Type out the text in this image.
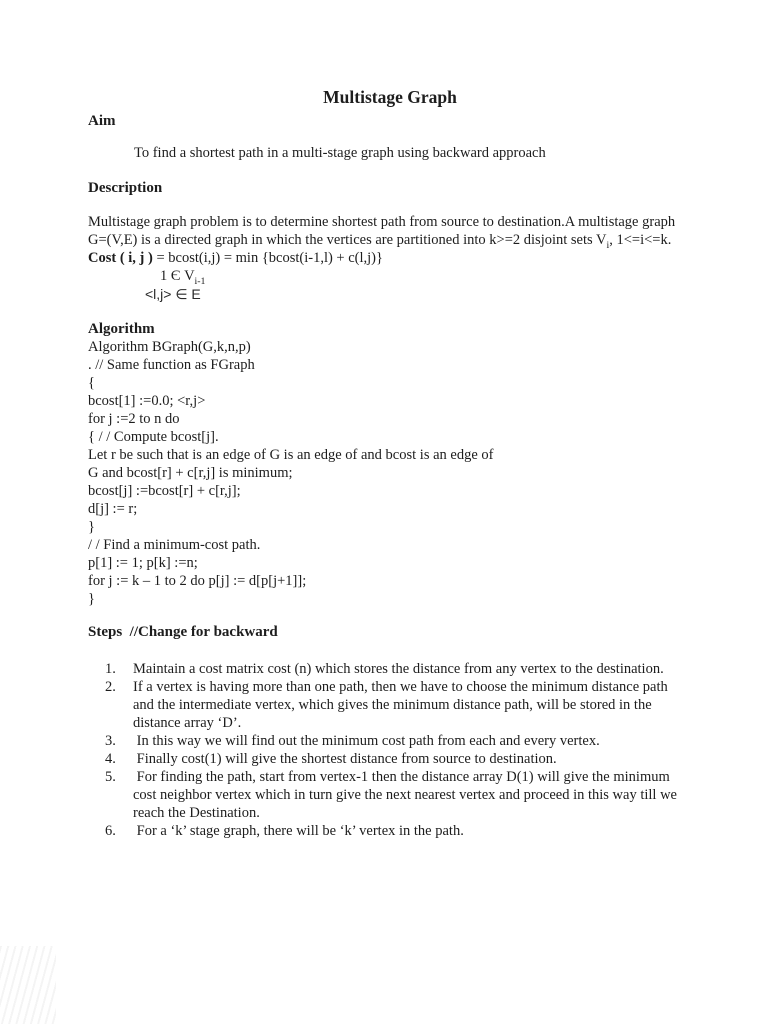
Multistage Graph
Aim
To find a shortest path in a multi-stage graph using backward approach
Description
Multistage graph problem is to determine shortest path from source to destination.A multistage graph G=(V,E) is a directed graph in which the vertices are partitioned into k>=2 disjoint sets $V_i$, 1<=i<=k.
Cost ( i, j ) = bcost(i,j) = min {bcost(i-1,l) + c(l,j)}
1 Є $V_{i-1}$
<l,j> ∈ E
Algorithm
Algorithm BGraph(G,k,n,p)
. // Same function as FGraph
{
bcost[1] :=0.0; <r,j>
for j :=2 to n do
{ / / Compute bcost[j].
Let r be such that is an edge of G is an edge of and bcost is an edge of
G and bcost[r] + c[r,j] is minimum;
bcost[j] :=bcost[r] + c[r,j];
d[j] := r;
}
/ / Find a minimum-cost path.
p[1] := 1; p[k] :=n;
for j := k – 1 to 2 do p[j] := d[p[j+1]];
}
Steps  //Change for backward
1.	Maintain a cost matrix cost (n) which stores the distance from any vertex to the destination.
2.	If a vertex is having more than one path, then we have to choose the minimum distance path and the intermediate vertex, which gives the minimum distance path, will be stored in the distance array ‘D’.
3.	In this way we will find out the minimum cost path from each and every vertex.
4.	Finally cost(1) will give the shortest distance from source to destination.
5.	For finding the path, start from vertex-1 then the distance array D(1) will give the minimum cost neighbor vertex which in turn give the next nearest vertex and proceed in this way till we reach the Destination.
6.	For a ‘k’ stage graph, there will be ‘k’ vertex in the path.
